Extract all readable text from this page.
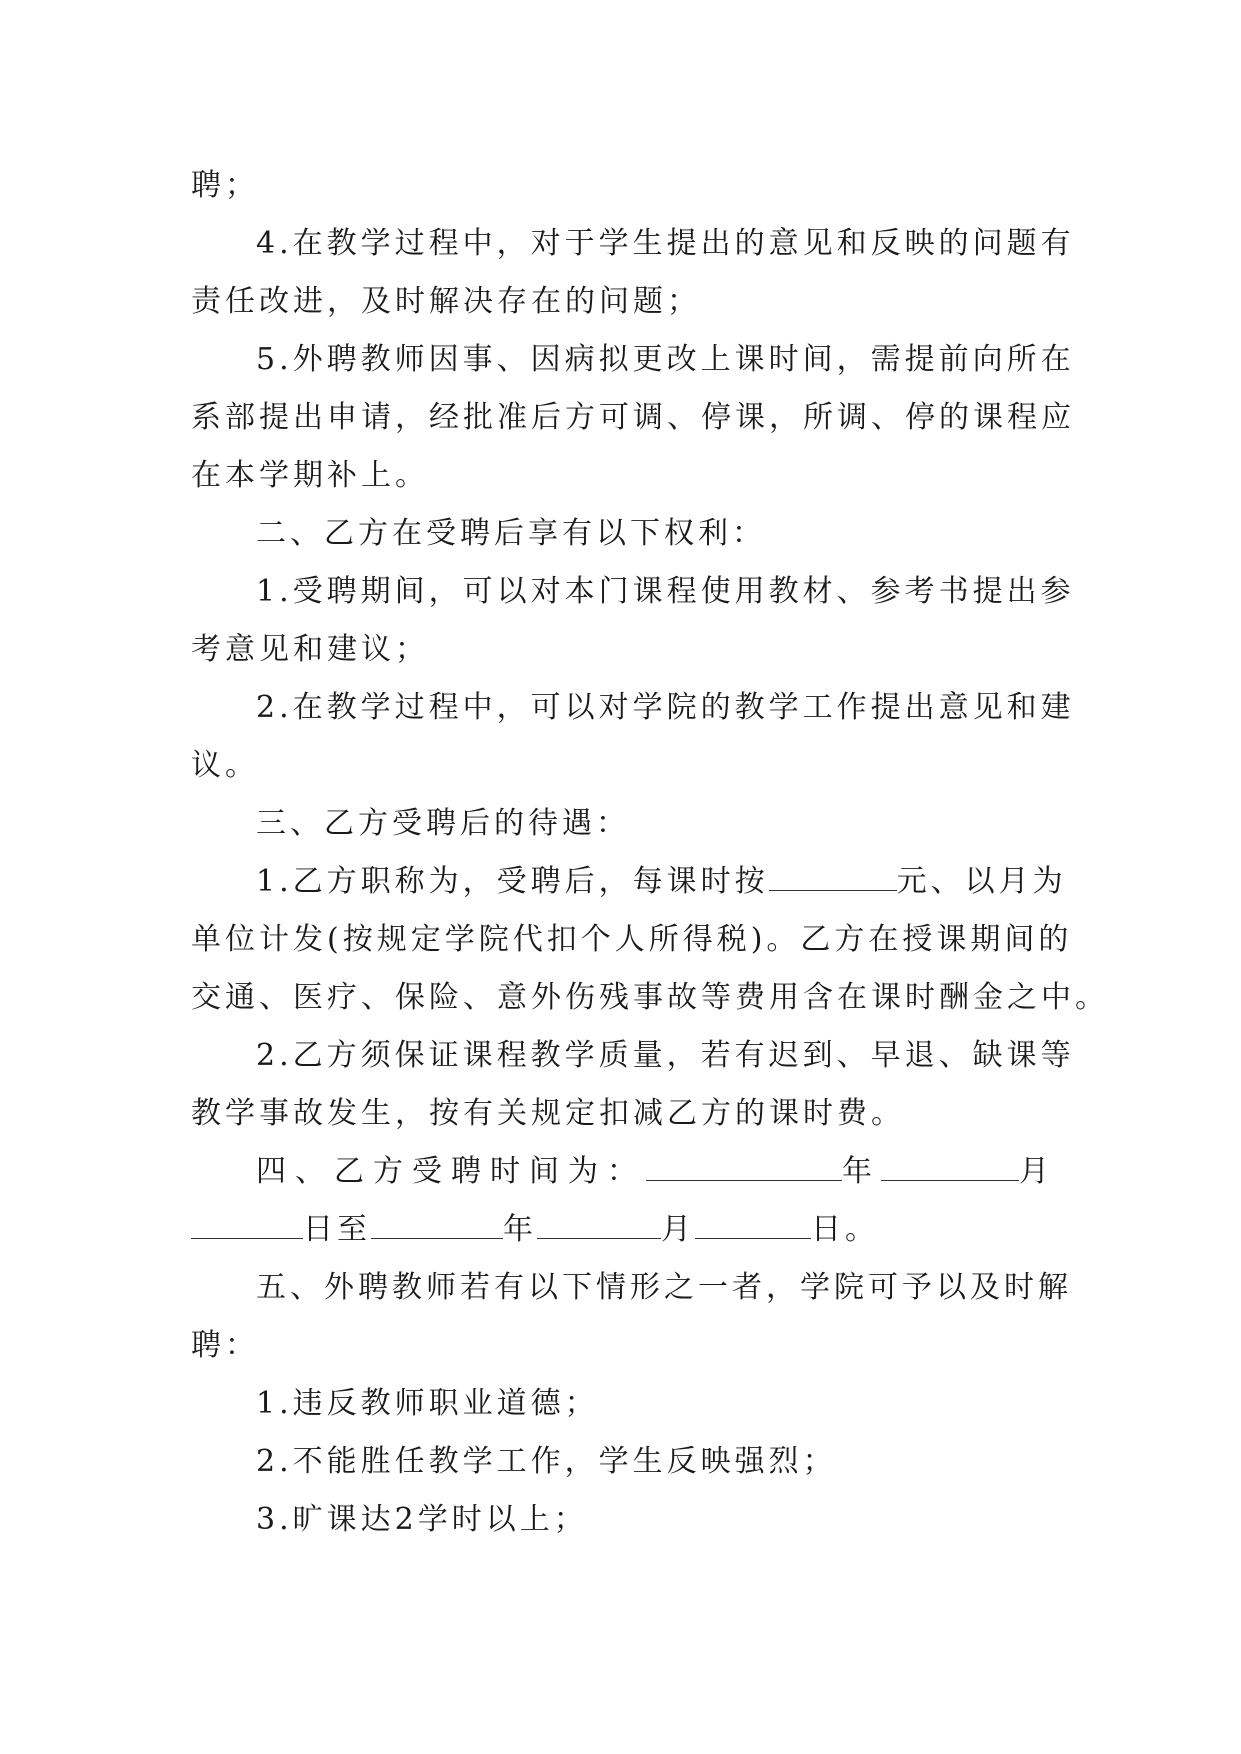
聘；
4.在教学过程中，对于学生提出的意见和反映的问题有
责任改进，及时解决存在的问题；
5.外聘教师因事、因病拟更改上课时间，需提前向所在
系部提出申请，经批准后方可调、停课，所调、停的课程应
在本学期补上。
二、乙方在受聘后享有以下权利：
1.受聘期间，可以对本门课程使用教材、参考书提出参
考意见和建议；
2.在教学过程中，可以对学院的教学工作提出意见和建
议。
三、乙方受聘后的待遇：
1.乙方职称为，受聘后，每课时按	元、以月为
单位计发(按规定学院代扣个人所得税)。乙方在授课期间的
交通、医疗、保险、意外伤残事故等费用含在课时酬金之中。
2.乙方须保证课程教学质量，若有迟到、早退、缺课等
教学事故发生，按有关规定扣减乙方的课时费。
四、乙方受聘时间为：	年	月
日至	年	月	日。
五、外聘教师若有以下情形之一者，学院可予以及时解
聘：
1.违反教师职业道德；
2.不能胜任教学工作，学生反映强烈；
3.旷课达2学时以上；
